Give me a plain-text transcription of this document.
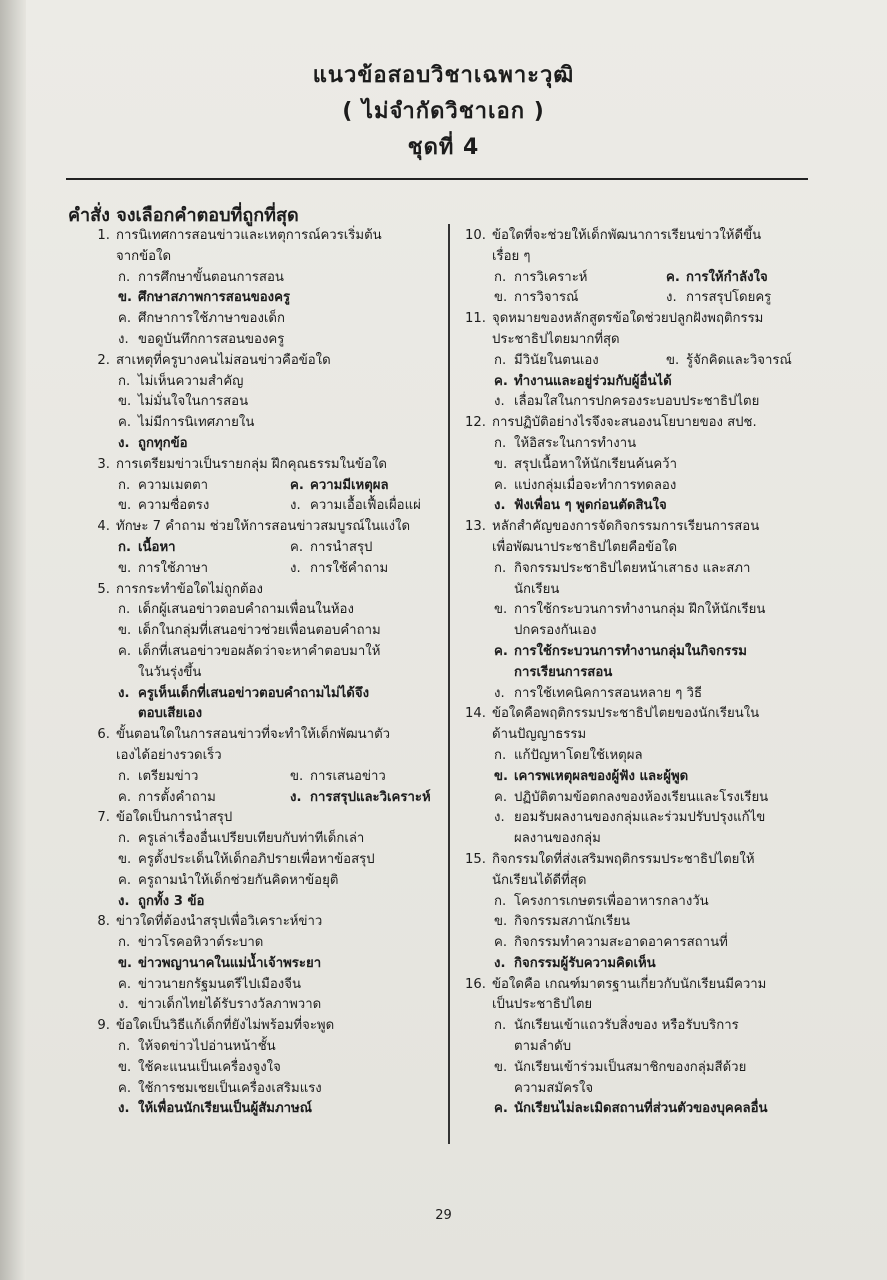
แนวข้อสอบวิชาเฉพาะวุฒิ
( ไม่จำกัดวิชาเอก )
ชุดที่ 4
คำสั่ง จงเลือกคำตอบที่ถูกที่สุด
1. การนิเทศการสอนข่าวและเหตุการณ์ควรเริ่มต้น
จากข้อใด
ก. การศึกษาขั้นตอนการสอน
ข. ศึกษาสภาพการสอนของครู
ค. ศึกษาการใช้ภาษาของเด็ก
ง. ขอดูบันทึกการสอนของครู
2. สาเหตุที่ครูบางคนไม่สอนข่าวคือข้อใด
ก. ไม่เห็นความสำคัญ
ข. ไม่มั่นใจในการสอน
ค. ไม่มีการนิเทศภายใน
ง. ถูกทุกข้อ
3. การเตรียมข่าวเป็นรายกลุ่ม ฝึกคุณธรรมในข้อใด
ก. ความเมตตา	ค. ความมีเหตุผล
ข. ความซื่อตรง	ง. ความเอื้อเฟื้อเผื่อแผ่
4. ทักษะ 7 คำถาม ช่วยให้การสอนข่าวสมบูรณ์ในแง่ใด
ก. เนื้อหา	ค. การนำสรุป
ข. การใช้ภาษา	ง. การใช้คำถาม
5. การกระทำข้อใดไม่ถูกต้อง
ก. เด็กผู้เสนอข่าวตอบคำถามเพื่อนในห้อง
ข. เด็กในกลุ่มที่เสนอข่าวช่วยเพื่อนตอบคำถาม
ค. เด็กที่เสนอข่าวขอผลัดว่าจะหาคำตอบมาให้
ในวันรุ่งขึ้น
ง. ครูเห็นเด็กที่เสนอข่าวตอบคำถามไม่ได้จึง
ตอบเสียเอง
6. ขั้นตอนใดในการสอนข่าวที่จะทำให้เด็กพัฒนาตัว
เองได้อย่างรวดเร็ว
ก. เตรียมข่าว	ข. การเสนอข่าว
ค. การตั้งคำถาม	ง. การสรุปและวิเคราะห์
7. ข้อใดเป็นการนำสรุป
ก. ครูเล่าเรื่องอื่นเปรียบเทียบกับท่าทีเด็กเล่า
ข. ครูตั้งประเด็นให้เด็กอภิปรายเพื่อหาข้อสรุป
ค. ครูถามนำให้เด็กช่วยกันคิดหาข้อยุติ
ง. ถูกทั้ง 3 ข้อ
8. ข่าวใดที่ต้องนำสรุปเพื่อวิเคราะห์ข่าว
ก. ข่าวโรคอหิวาต์ระบาด
ข. ข่าวพญานาคในแม่น้ำเจ้าพระยา
ค. ข่าวนายกรัฐมนตรีไปเมืองจีน
ง. ข่าวเด็กไทยได้รับรางวัลภาพวาด
9. ข้อใดเป็นวิธีแก้เด็กที่ยังไม่พร้อมที่จะพูด
ก. ให้จดข่าวไปอ่านหน้าชั้น
ข. ใช้คะแนนเป็นเครื่องจูงใจ
ค. ใช้การชมเชยเป็นเครื่องเสริมแรง
ง. ให้เพื่อนนักเรียนเป็นผู้สัมภาษณ์
10. ข้อใดที่จะช่วยให้เด็กพัฒนาการเรียนข่าวให้ดีขึ้น
เรื่อย ๆ
ก. การวิเคราะห์	ค. การให้กำลังใจ
ข. การวิจารณ์	ง. การสรุปโดยครู
11. จุดหมายของหลักสูตรข้อใดช่วยปลูกฝังพฤติกรรม
ประชาธิปไตยมากที่สุด
ก. มีวินัยในตนเอง	ข. รู้จักคิดและวิจารณ์
ค. ทำงานและอยู่ร่วมกับผู้อื่นได้
ง. เลื่อมใสในการปกครองระบอบประชาธิปไตย
12. การปฏิบัติอย่างไรจึงจะสนองนโยบายของ สปช.
ก. ให้อิสระในการทำงาน
ข. สรุปเนื้อหาให้นักเรียนค้นคว้า
ค. แบ่งกลุ่มเมื่อจะทำการทดลอง
ง. ฟังเพื่อน ๆ พูดก่อนตัดสินใจ
13. หลักสำคัญของการจัดกิจกรรมการเรียนการสอน
เพื่อพัฒนาประชาธิปไตยคือข้อใด
ก. กิจกรรมประชาธิปไตยหน้าเสาธง และสภา
นักเรียน
ข. การใช้กระบวนการทำงานกลุ่ม ฝึกให้นักเรียน
ปกครองกันเอง
ค. การใช้กระบวนการทำงานกลุ่มในกิจกรรม
การเรียนการสอน
ง. การใช้เทคนิคการสอนหลาย ๆ วิธี
14. ข้อใดคือพฤติกรรมประชาธิปไตยของนักเรียนใน
ด้านปัญญาธรรม
ก. แก้ปัญหาโดยใช้เหตุผล
ข. เคารพเหตุผลของผู้ฟัง และผู้พูด
ค. ปฏิบัติตามข้อตกลงของห้องเรียนและโรงเรียน
ง. ยอมรับผลงานของกลุ่มและร่วมปรับปรุงแก้ไข
ผลงานของกลุ่ม
15. กิจกรรมใดที่ส่งเสริมพฤติกรรมประชาธิปไตยให้
นักเรียนได้ดีที่สุด
ก. โครงการเกษตรเพื่ออาหารกลางวัน
ข. กิจกรรมสภานักเรียน
ค. กิจกรรมทำความสะอาดอาคารสถานที่
ง. กิจกรรมผู้รับความคิดเห็น
16. ข้อใดคือ เกณฑ์มาตรฐานเกี่ยวกับนักเรียนมีความ
เป็นประชาธิปไตย
ก. นักเรียนเข้าแถวรับสิ่งของ หรือรับบริการ
ตามลำดับ
ข. นักเรียนเข้าร่วมเป็นสมาชิกของกลุ่มสีด้วย
ความสมัครใจ
ค. นักเรียนไม่ละเมิดสถานที่ส่วนตัวของบุคคลอื่น
29
